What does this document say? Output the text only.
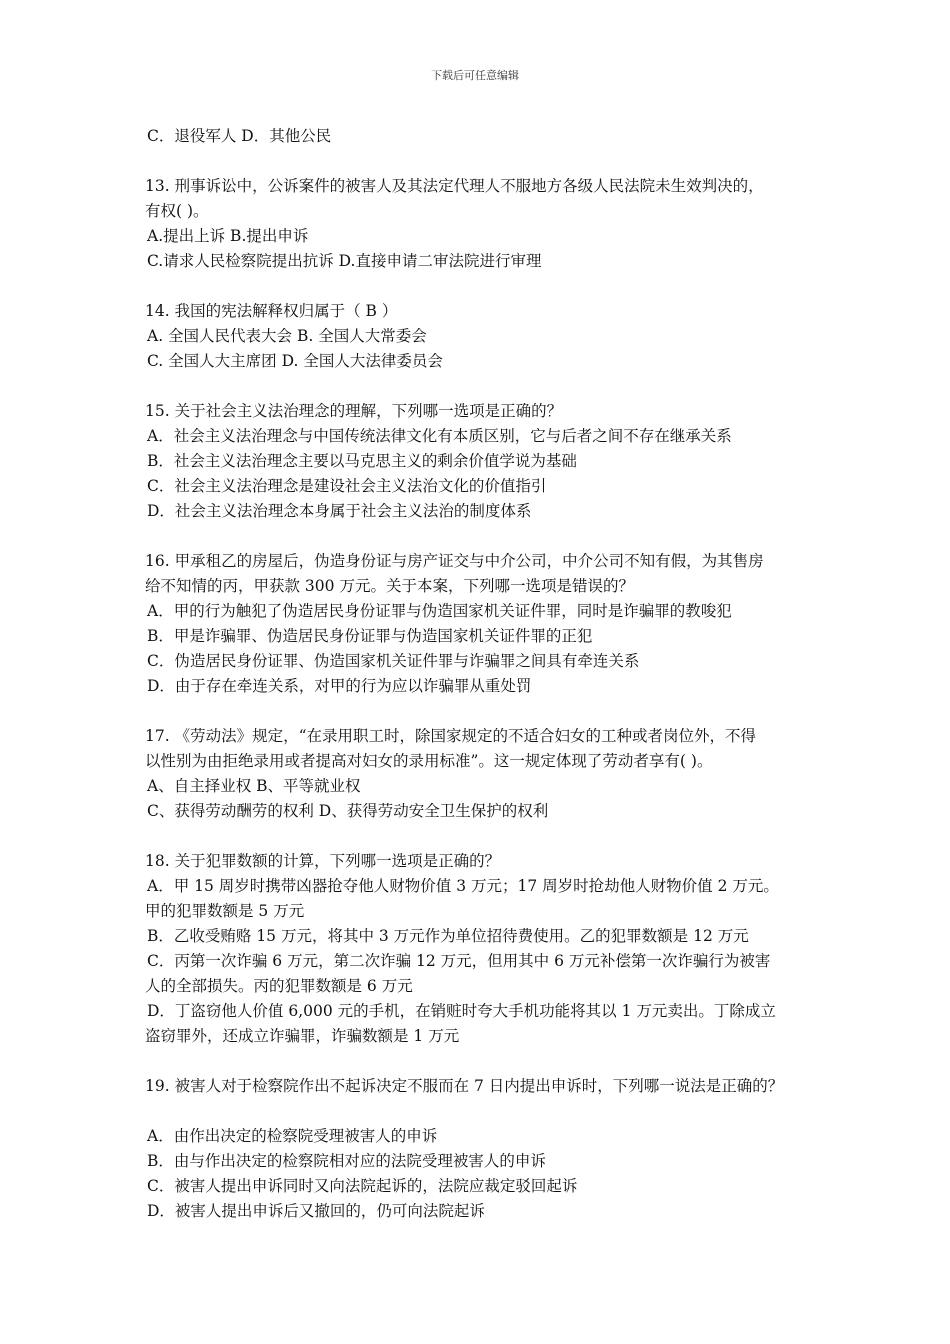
下载后可任意编辑
C．退役军人 D．其他公民
13. 刑事诉讼中，公诉案件的被害人及其法定代理人不服地方各级人民法院未生效判决的，
有权( )。
A.提出上诉 B.提出申诉
C.请求人民检察院提出抗诉 D.直接申请二审法院进行审理
14. 我国的宪法解释权归属于（ B ）
A. 全国人民代表大会 B. 全国人大常委会
C. 全国人大主席团 D. 全国人大法律委员会
15. 关于社会主义法治理念的理解，下列哪一选项是正确的？
A．社会主义法治理念与中国传统法律文化有本质区别，它与后者之间不存在继承关系
B．社会主义法治理念主要以马克思主义的剩余价值学说为基础
C．社会主义法治理念是建设社会主义法治文化的价值指引
D．社会主义法治理念本身属于社会主义法治的制度体系
16. 甲承租乙的房屋后，伪造身份证与房产证交与中介公司，中介公司不知有假，为其售房
给不知情的丙，甲获款 300 万元。关于本案，下列哪一选项是错误的？
A．甲的行为触犯了伪造居民身份证罪与伪造国家机关证件罪，同时是诈骗罪的教唆犯
B．甲是诈骗罪、伪造居民身份证罪与伪造国家机关证件罪的正犯
C．伪造居民身份证罪、伪造国家机关证件罪与诈骗罪之间具有牵连关系
D．由于存在牵连关系，对甲的行为应以诈骗罪从重处罚
17. 《劳动法》规定，“在录用职工时，除国家规定的不适合妇女的工种或者岗位外，不得
以性别为由拒绝录用或者提高对妇女的录用标准”。这一规定体现了劳动者享有( )。
A、自主择业权 B、平等就业权
C、获得劳动酬劳的权利 D、获得劳动安全卫生保护的权利
18. 关于犯罪数额的计算，下列哪一选项是正确的？
A．甲 15 周岁时携带凶器抢夺他人财物价值 3 万元；17 周岁时抢劫他人财物价值 2 万元。
甲的犯罪数额是 5 万元
B．乙收受贿赂 15 万元，将其中 3 万元作为单位招待费使用。乙的犯罪数额是 12 万元
C．丙第一次诈骗 6 万元，第二次诈骗 12 万元，但用其中 6 万元补偿第一次诈骗行为被害
人的全部损失。丙的犯罪数额是 6 万元
D．丁盗窃他人价值 6,000 元的手机，在销赃时夸大手机功能将其以 1 万元卖出。丁除成立
盗窃罪外，还成立诈骗罪，诈骗数额是 1 万元
19. 被害人对于检察院作出不起诉决定不服而在 7 日内提出申诉时，下列哪一说法是正确的？
A．由作出决定的检察院受理被害人的申诉
B．由与作出决定的检察院相对应的法院受理被害人的申诉
C．被害人提出申诉同时又向法院起诉的，法院应裁定驳回起诉
D．被害人提出申诉后又撤回的，仍可向法院起诉
